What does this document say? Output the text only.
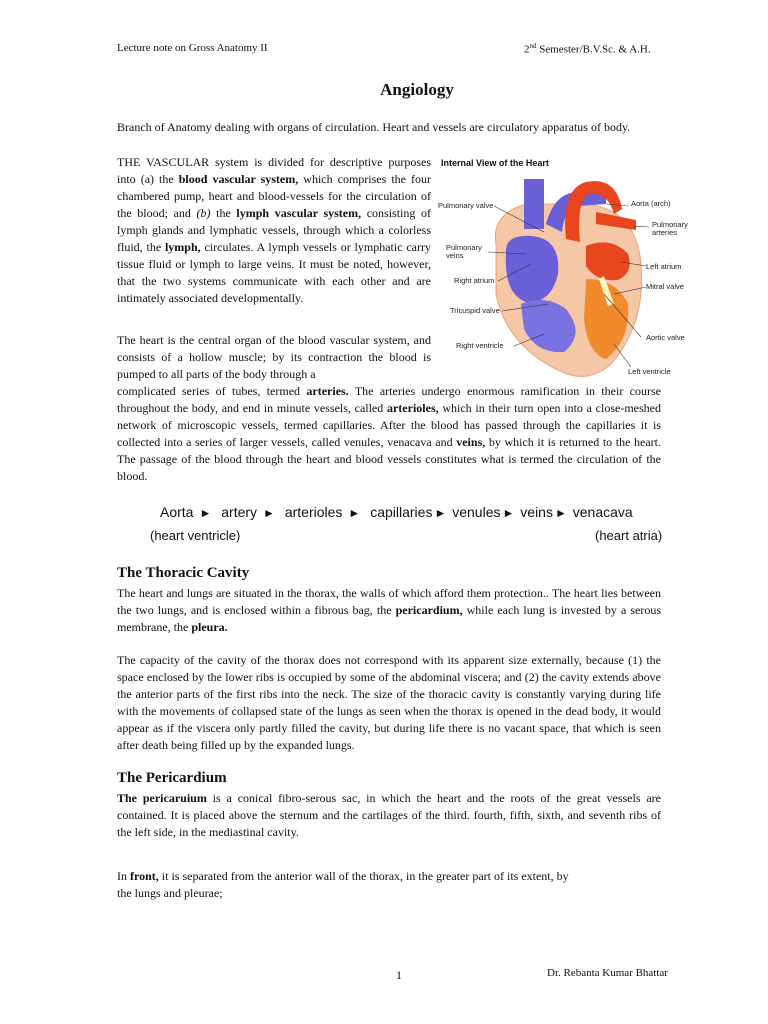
Lecture note on Gross Anatomy II	2nd Semester/B.V.Sc. & A.H.
Angiology
Branch of Anatomy dealing with organs of circulation. Heart and vessels are circulatory apparatus of body.
THE VASCULAR system is divided for descriptive purposes into (a) the blood vascular system, which comprises the four chambered pump, heart and blood-vessels for the circulation of the blood; and (b) the lymph vascular system, consisting of lymph glands and lymphatic vessels, through which a colorless fluid, the lymph, circulates. A lymph vessels or lymphatic carry tissue fluid or lymph to large veins. It must be noted, however, that the two systems communicate with each other and are intimately associated developmentally.
Internal View of the Heart
Pulmonary valve
Pulmonary
veins
Right atrium
Tricuspid valve
Right ventricle
Aorta (arch)
Pulmonary
arteries
Left atrium
Mitral valve
Aortic valve
Left ventricle
The heart is the central organ of the blood vascular system, and consists of a hollow muscle; by its contraction the blood is pumped to all parts of the body through a
complicated series of tubes, termed arteries. The arteries undergo enormous ramification in their course throughout the body, and end in minute vessels, called arterioles, which in their turn open into a close-meshed network of microscopic vessels, termed capillaries. After the blood has passed through the capillaries it is collected into a series of larger vessels, called venules, venacava and veins, by which it is returned to the heart. The passage of the blood through the heart and blood vessels constitutes what is termed the circulation of the blood.
Aorta ► artery ► arterioles ► capillaries ► venules ► veins ► venacava
(heart ventricle)	(heart atria)
The Thoracic Cavity
The heart and lungs are situated in the thorax, the walls of which afford them protection.. The heart lies between the two lungs, and is enclosed within a fibrous bag, the pericardium, while each lung is invested by a serous membrane, the pleura.
The capacity of the cavity of the thorax does not correspond with its apparent size externally, because (1) the space enclosed by the lower ribs is occupied by some of the abdominal viscera; and (2) the cavity extends above the anterior parts of the first ribs into the neck. The size of the thoracic cavity is constantly varying during life with the movements of collapsed state of the lungs as seen when the thorax is opened in the dead body, it would appear as if the viscera only partly filled the cavity, but during life there is no vacant space, that which is seen after death being filled up by the expanded lungs.
The Pericardium
The pericaruium is a conical fibro-serous sac, in which the heart and the roots of the great vessels are contained. It is placed above the sternum and the cartilages of the third. fourth, fifth, sixth, and seventh ribs of the left side, in the mediastinal cavity.
In front, it is separated from the anterior wall of the thorax, in the greater part of its extent, by
the lungs and pleurae;
1	Dr. Rebanta Kumar Bhattar
